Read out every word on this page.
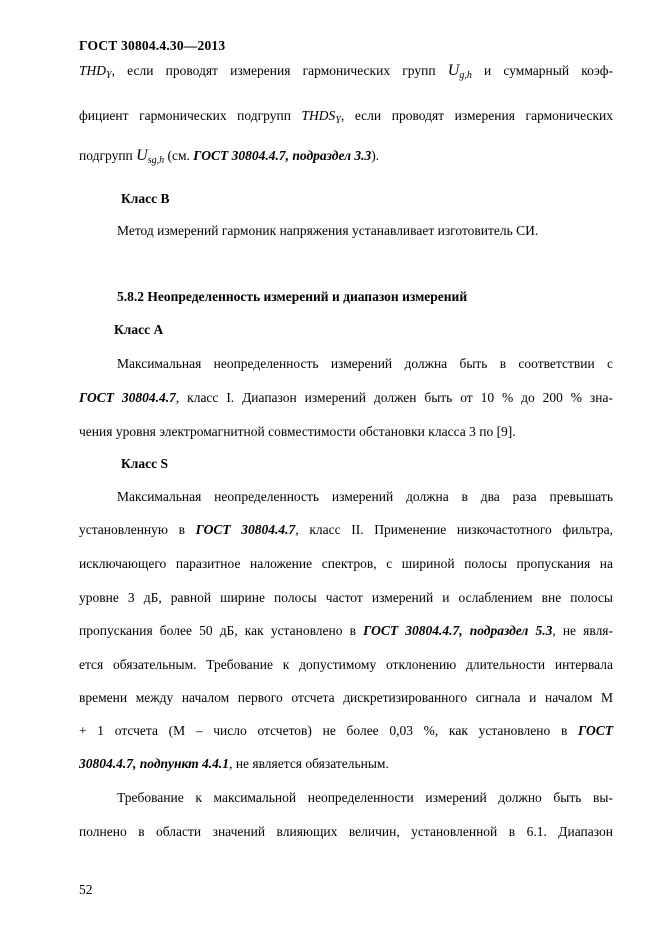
ГОСТ 30804.4.30—2013
$THD_Y$, если проводят измерения гармонических групп $U_{g,h}$ и суммарный коэф-
фициент гармонических подгрупп $THDS_Y$, если проводят измерения гармонических
подгрупп $U_{sg,h}$ (см. ГОСТ 30804.4.7, подраздел 3.3).
Класс B
Метод измерений гармоник напряжения устанавливает изготовитель СИ.
5.8.2 Неопределенность измерений и диапазон измерений
Класс А
Максимальная неопределенность измерений должна быть в соответствии с
ГОСТ 30804.4.7, класс I. Диапазон измерений должен быть от 10 % до 200 % зна-
чения уровня электромагнитной совместимости обстановки класса 3 по [9].
Класс S
Максимальная неопределенность измерений должна в два раза превышать
установленную в ГОСТ 30804.4.7, класс II. Применение низкочастотного фильтра,
исключающего паразитное наложение спектров, с шириной полосы пропускания на
уровне 3 дБ, равной ширине полосы частот измерений и ослаблением вне полосы
пропускания более 50 дБ, как установлено в ГОСТ 30804.4.7, подраздел 5.3, не явля-
ется обязательным. Требование к допустимому отклонению длительности интервала
времени между началом первого отсчета дискретизированного сигнала и началом M
+ 1 отсчета (M – число отсчетов) не более 0,03 %, как установлено в ГОСТ
30804.4.7, подпункт 4.4.1, не является обязательным.
Требование к максимальной неопределенности измерений должно быть вы-
полнено в области значений влияющих величин, установленной в 6.1. Диапазон
52
